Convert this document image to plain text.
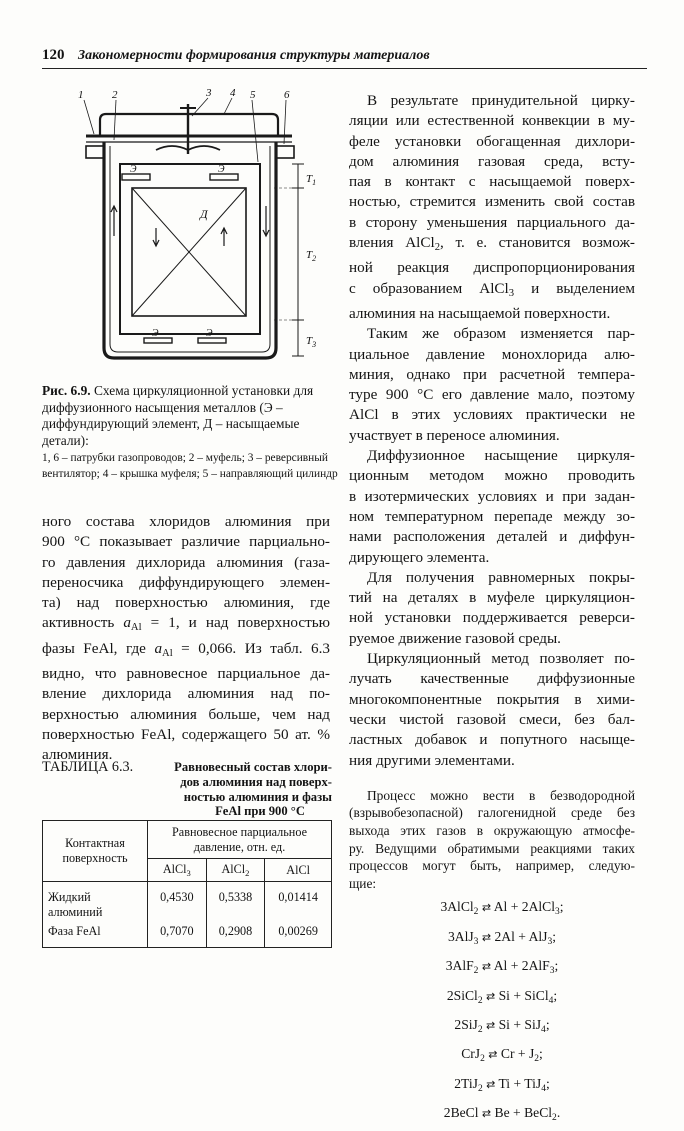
120 Закономерности формирования структуры материалов
1	2	3 4 5	6
Э	Э
Э	Э
Д
$T_1$
$T_2$
$T_3$

Рис. 6.9. Схема циркуляционной установки для диффузионного насыщения металлов (Э – диффундирующий элемент, Д – насыщаемые детали):

1, 6 – патрубки газопроводов; 2 – муфель; 3 – реверсивный вентилятор; 4 – крышка муфеля; 5 – направляющий цилиндр

ного состава хлоридов алюминия при
900 °С показывает различие парциально-
го давления дихлорида алюминия (газа-
переносчика диффундирующего элемен-
та) над поверхностью алюминия, где
активность $a_{Al} = 1$, и над поверхностью
фазы FeAl, где $a_{Al} = 0,066$. Из табл. 6.3
видно, что равновесное парциальное да-
вление дихлорида алюминия над по-
верхностью алюминия больше, чем над
поверхностью FeAl, содержащего 50 ат. %
алюминия.

ТАБЛИЦА 6.3.	Равновесный состав хлори-
дов алюминия над поверх-
ностью алюминия и фазы
FeAl при 900 °С
Контактная поверхность	Равновесное парциальное давление, отн. ед.		
	AlCl$_3$	AlCl$_2$	AlCl
Жидкий алюминий	0,4530	0,5338	0,01414
Фаза FeAl	0,7070	0,2908	0,00269

В результате принудительной цирку-
ляции или естественной конвекции в му-
феле установки обогащенная дихлори-
дом алюминия газовая среда, всту-
пая в контакт с насыщаемой поверх-
ностью, стремится изменить свой состав
в сторону уменьшения парциального да-
вления AlCl$_2$, т. е. становится возмож-
ной реакция диспропорционирования
с образованием AlCl$_3$ и выделением
алюминия на насыщаемой поверхности.

Таким же образом изменяется пар-
циальное давление монохлорида алю-
миния, однако при расчетной темпера-
туре 900 °С его давление мало, поэтому
AlCl в этих условиях практически не
участвует в переносе алюминия.

Диффузионное насыщение циркуля-
ционным методом можно проводить
в изотермических условиях и при задан-
ном температурном перепаде между зо-
нами расположения деталей и диффун-
дирующего элемента.

Для получения равномерных покры-
тий на деталях в муфеле циркуляцион-
ной установки поддерживается реверси-
руемое движение газовой среды.

Циркуляционный метод позволяет по-
лучать качественные диффузионные
многокомпонентные покрытия в хими-
чески чистой газовой смеси, без бал-
ластных добавок и попутного насыще-
ния другими элементами.

Процесс можно вести в безводородной
(взрывобезопасной) галогенидной среде без
выхода этих газов в окружающую атмосфе-
ру. Ведущими обратимыми реакциями таких
процессов могут быть, например, следую-
щие:

3AlCl$_2$ ⇄ Al + 2AlCl$_3$;
3AlJ$_3$ ⇄ 2Al + AlJ$_3$;
3AlF$_2$ ⇄ Al + 2AlF$_3$;
2SiCl$_2$ ⇄ Si + SiCl$_4$;
2SiJ$_2$ ⇄ Si + SiJ$_4$;
CrJ$_2$ ⇄ $Cr + J_2$;
2TiJ$_2$ ⇄ Ti + TiJ$_4$;
2BeCl ⇄ Be + BeCl$_2$.
